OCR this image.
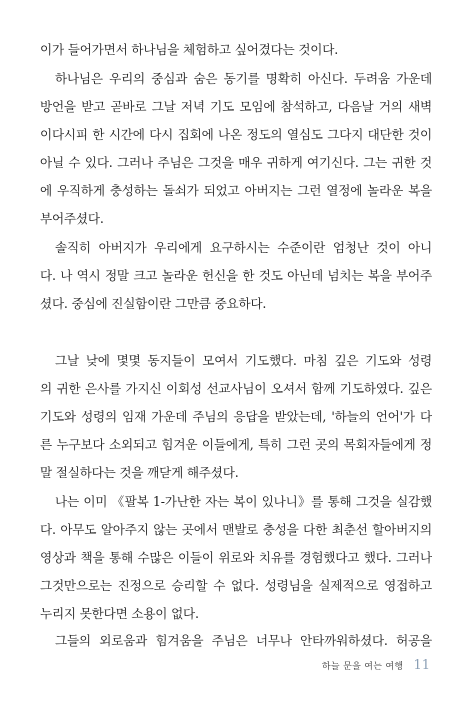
이가 들어가면서 하나님을 체험하고 싶어겼다는 것이다.
하나님은 우리의 중심과 숨은 동기를 명확히 아신다. 두려움 가운데
방언을 받고 곧바로 그날 저녁 기도 모임에 참석하고, 다음날 거의 새벽
이다시피 한 시간에 다시 집회에 나온 정도의 열심도 그다지 대단한 것이
아닐 수 있다. 그러나 주님은 그것을 매우 귀하게 여기신다. 그는 귀한 것
에 우직하게 충성하는 돌쇠가 되었고 아버지는 그런 열정에 놀라운 복을
부어주셨다.
솔직히 아버지가 우리에게 요구하시는 수준이란 엄청난 것이 아니
다. 나 역시 정말 크고 놀라운 헌신을 한 것도 아닌데 넘치는 복을 부어주
셨다. 중심에 진실함이란 그만큼 중요하다.
그날 낮에 몇몇 동지들이 모여서 기도했다. 마침 깊은 기도와 성령
의 귀한 은사를 가지신 이회성 선교사님이 오셔서 함께 기도하였다. 깊은
기도와 성령의 임재 가운데 주님의 응답을 받았는데, '하늘의 언어'가 다
른 누구보다 소외되고 힘겨운 이들에게, 특히 그런 곳의 목회자들에게 정
말 절실하다는 것을 깨닫게 해주셨다.
나는 이미 《팔복 1-가난한 자는 복이 있나니》를 통해 그것을 실감했
다. 아무도 알아주지 않는 곳에서 맨발로 충성을 다한 최춘선 할아버지의
영상과 책을 통해 수많은 이들이 위로와 치유를 경험했다고 했다. 그러나
그것만으로는 진정으로 승리할 수 없다. 성령님을 실제적으로 영접하고
누리지 못한다면 소용이 없다.
그들의 외로움과 힘겨움을 주님은 너무나 안타까워하셨다. 허공을
하늘 문을 여는 여행 11
